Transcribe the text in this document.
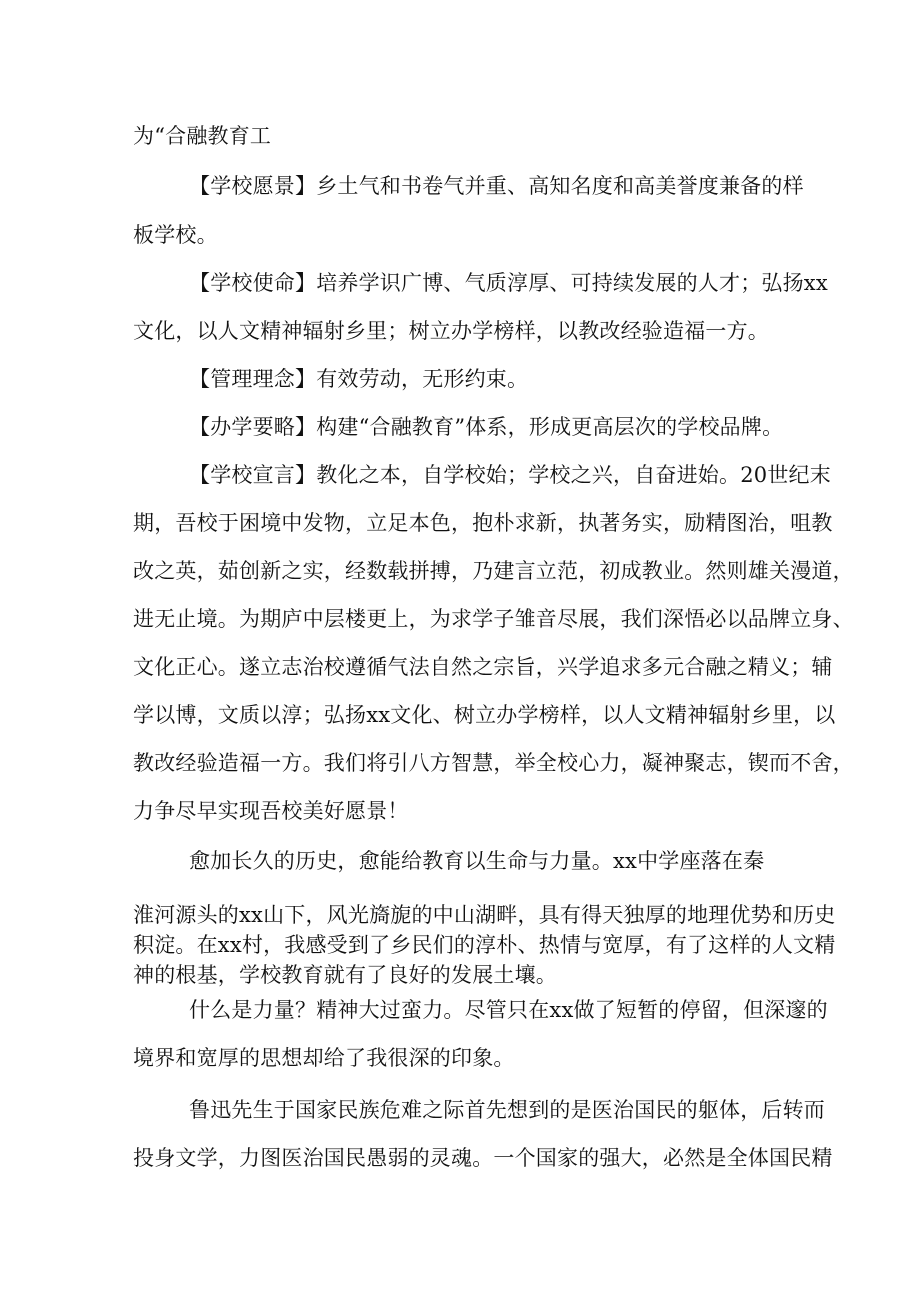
为“合融教育工
【学校愿景】乡土气和书卷气并重、高知名度和高美誉度兼备的样
板学校。
【学校使命】培养学识广博、气质淳厚、可持续发展的人才；弘扬xx
文化，以人文精神辐射乡里；树立办学榜样，以教改经验造福一方。
【管理理念】有效劳动，无形约束。
【办学要略】构建“合融教育”体系，形成更高层次的学校品牌。
【学校宣言】教化之本，自学校始；学校之兴，自奋进始。20世纪末
期，吾校于困境中发物，立足本色，抱朴求新，执著务实，励精图治，咀教
改之英，茹创新之实，经数载拼搏，乃建言立范，初成教业。然则雄关漫道，
进无止境。为期庐中层楼更上，为求学子雏音尽展，我们深悟必以品牌立身、
文化正心。遂立志治校遵循气法自然之宗旨，兴学追求多元合融之精义；辅
学以博，文质以淳；弘扬xx文化、树立办学榜样，以人文精神辐射乡里，以
教改经验造福一方。我们将引八方智慧，举全校心力，凝神聚志，锲而不舍，
力争尽早实现吾校美好愿景！
愈加长久的历史，愈能给教育以生命与力量。xx中学座落在秦
淮河源头的xx山下，风光旖旎的中山湖畔，具有得天独厚的地理优势和历史
积淀。在xx村，我感受到了乡民们的淳朴、热情与宽厚，有了这样的人文精
神的根基，学校教育就有了良好的发展土壤。
什么是力量？精神大过蛮力。尽管只在xx做了短暂的停留，但深邃的
境界和宽厚的思想却给了我很深的印象。
鲁迅先生于国家民族危难之际首先想到的是医治国民的躯体，后转而
投身文学，力图医治国民愚弱的灵魂。一个国家的强大，必然是全体国民精
